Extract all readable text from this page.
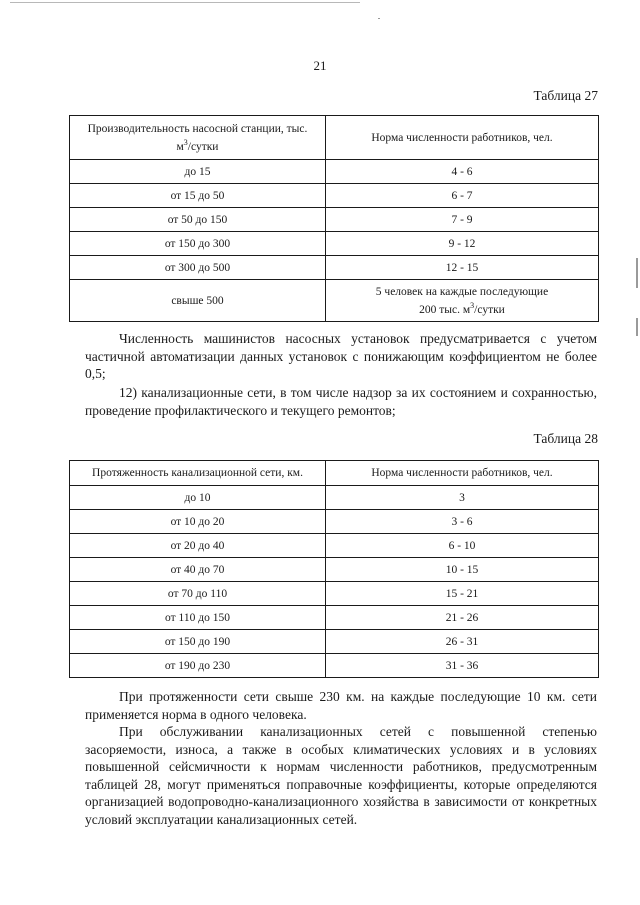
21
Таблица 27
Производительность насосной станции, тыс.
$м^3$/сутки	Норма численности работников, чел.
до 15	4 - 6
от 15 до 50	6 - 7
от 50 до 150	7 - 9
от 150 до 300	9 - 12
от 300 до 500	12 - 15
свыше 500	5 человек на каждые последующие
200 тыс. $м^3$/сутки

Численность машинистов насосных установок предусматривается с учетом частичной автоматизации данных установок с понижающим коэффициентом не более 0,5;

12) канализационные сети, в том числе надзор за их состоянием и сохранностью, проведение профилактического и текущего ремонтов;

Таблица 28
Протяженность канализационной сети, км.	Норма численности работников, чел.
до 10	3
от 10 до 20	3 - 6
от 20 до 40	6 - 10
от 40 до 70	10 - 15
от 70 до 110	15 - 21
от 110 до 150	21 - 26
от 150 до 190	26 - 31
от 190 до 230	31 - 36

При протяженности сети свыше 230 км. на каждые последующие 10 км. сети применяется норма в одного человека.

При обслуживании канализационных сетей с повышенной степенью засоряемости, износа, а также в особых климатических условиях и в условиях повышенной сейсмичности к нормам численности работников, предусмотренным таблицей 28, могут применяться поправочные коэффициенты, которые определяются организацией водопроводно-канализационного хозяйства в зависимости от конкретных условий эксплуатации канализационных сетей.
